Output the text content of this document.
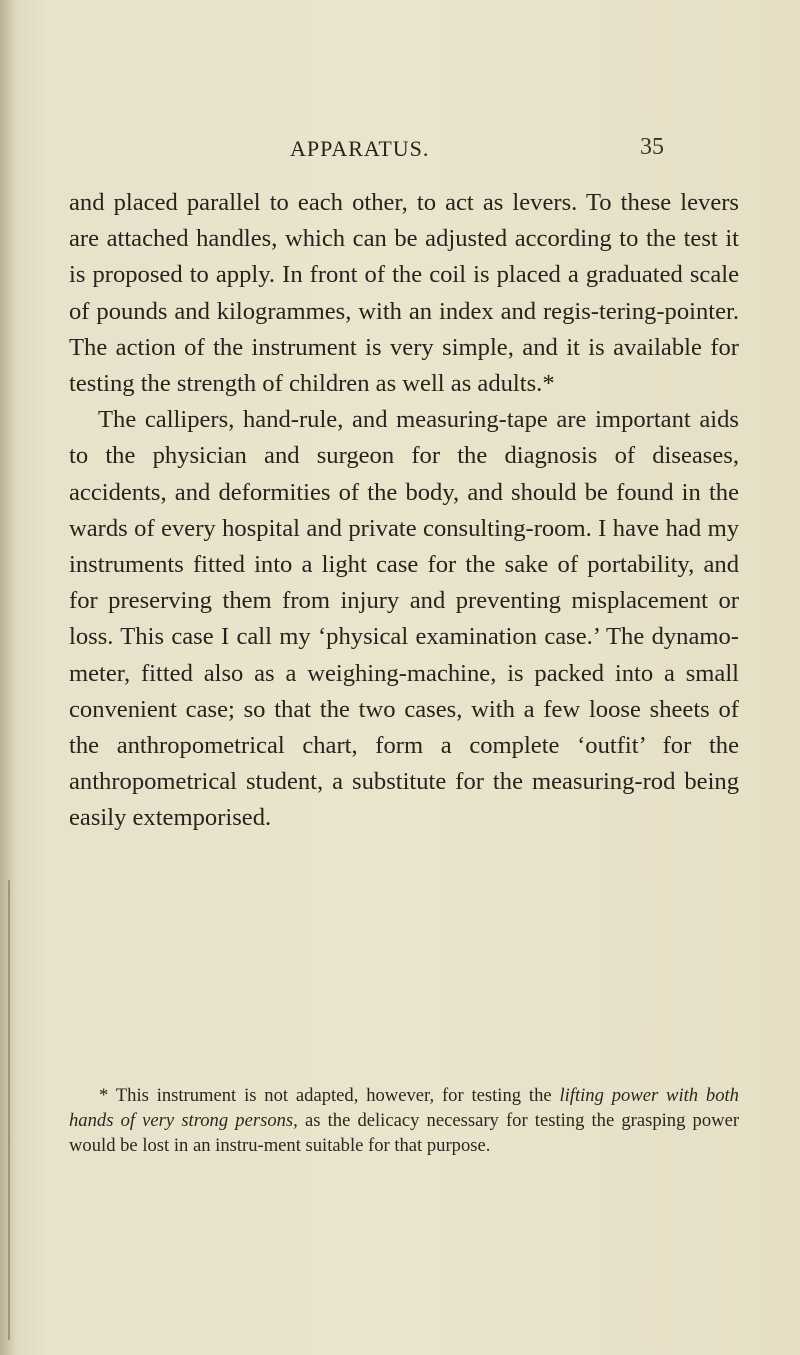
APPARATUS.	35

and placed parallel to each other, to act as levers. To these levers are attached handles, which can be adjusted according to the test it is proposed to apply. In front of the coil is placed a graduated scale of pounds and kilogrammes, with an index and regis-tering-pointer. The action of the instrument is very simple, and it is available for testing the strength of children as well as adults.*

The callipers, hand-rule, and measuring-tape are important aids to the physician and surgeon for the diagnosis of diseases, accidents, and deformities of the body, and should be found in the wards of every hospital and private consulting-room. I have had my instruments fitted into a light case for the sake of portability, and for preserving them from injury and preventing misplacement or loss. This case I call my ‘physical examination case.’ The dynamo-meter, fitted also as a weighing-machine, is packed into a small convenient case; so that the two cases, with a few loose sheets of the anthropometrical chart, form a complete ‘outfit’ for the anthropometrical student, a substitute for the measuring-rod being easily extemporised.

* This instrument is not adapted, however, for testing the lifting power with both hands of very strong persons, as the delicacy necessary for testing the grasping power would be lost in an instru-ment suitable for that purpose.
